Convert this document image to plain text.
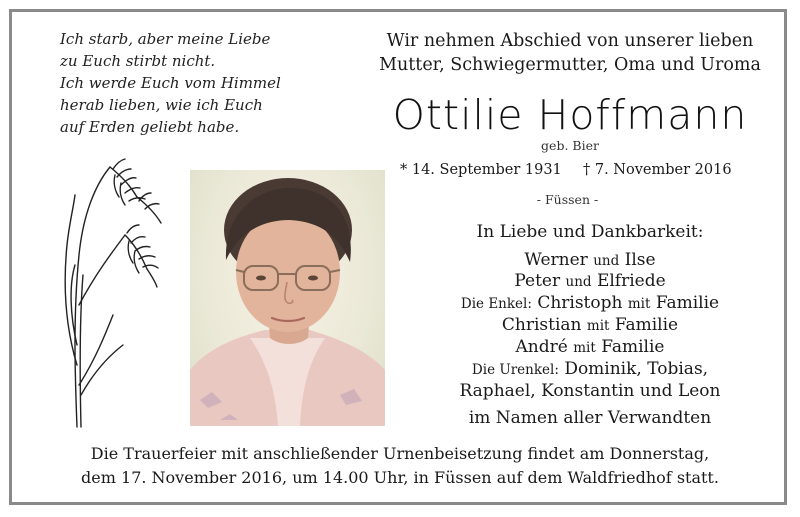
Ich starb, aber meine Liebe
zu Euch stirbt nicht.
Ich werde Euch vom Himmel
herab lieben, wie ich Euch
auf Erden geliebt habe.
Wir nehmen Abschied von unserer lieben
Mutter, Schwiegermutter, Oma und Uroma
Ottilie Hoffmann
geb. Bier
* 14. September 1931 † 7. November 2016
- Füssen -
In Liebe und Dankbarkeit:
Werner und Ilse
Peter und Elfriede
Die Enkel: Christoph mit Familie
Christian mit Familie
André mit Familie
Die Urenkel: Dominik, Tobias,
Raphael, Konstantin und Leon
im Namen aller Verwandten
Die Trauerfeier mit anschließender Urnenbeisetzung findet am Donnerstag,
dem 17. November 2016, um 14.00 Uhr, in Füssen auf dem Waldfriedhof statt.
